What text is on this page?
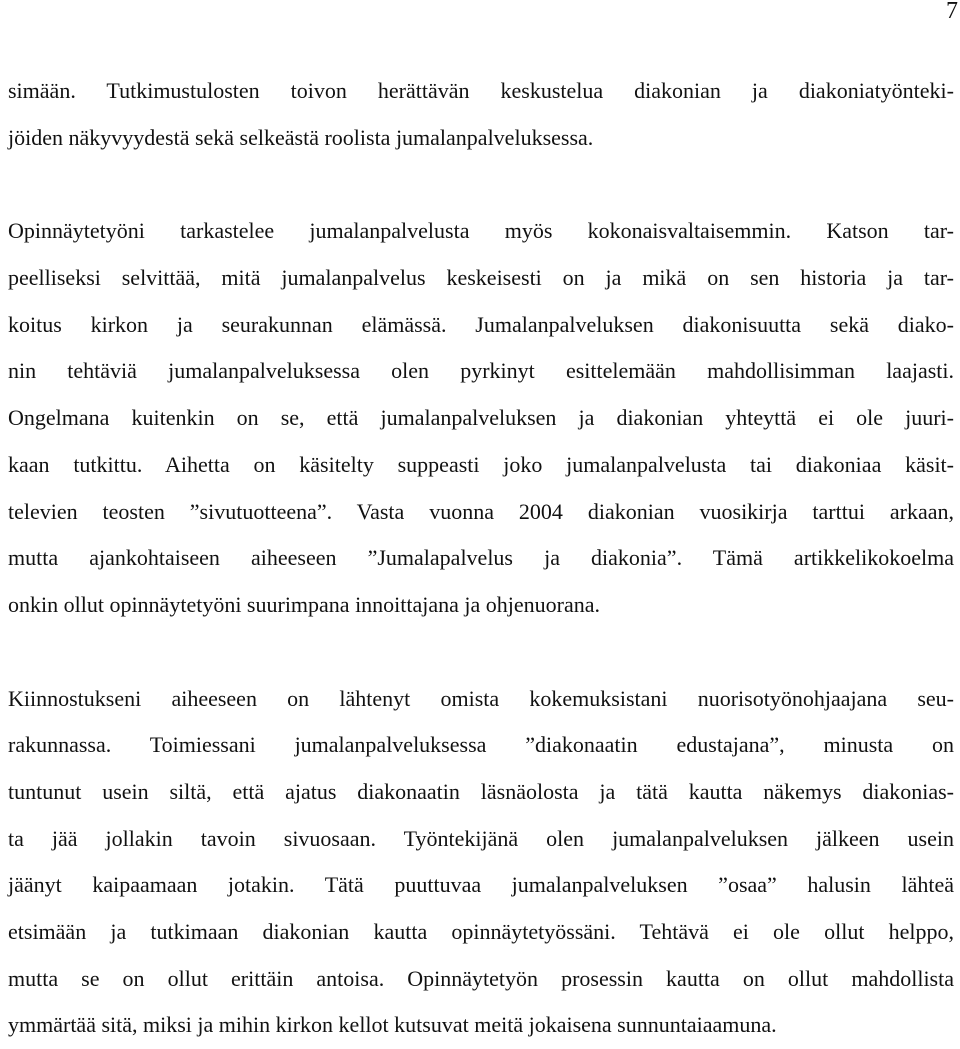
7
simään. Tutkimustulosten toivon herättävän keskustelua diakonian ja diakoniatyönteki-
jöiden näkyvyydestä sekä selkeästä roolista jumalanpalveluksessa.
Opinnäytetyöni tarkastelee jumalanpalvelusta myös kokonaisvaltaisemmin. Katson tar-
peelliseksi selvittää, mitä jumalanpalvelus keskeisesti on ja mikä on sen historia ja tar-
koitus kirkon ja seurakunnan elämässä. Jumalanpalveluksen diakonisuutta sekä diako-
nin tehtäviä jumalanpalveluksessa olen pyrkinyt esittelemään mahdollisimman laajasti.
Ongelmana kuitenkin on se, että jumalanpalveluksen ja diakonian yhteyttä ei ole juuri-
kaan tutkittu. Aihetta on käsitelty suppeasti joko jumalanpalvelusta tai diakoniaa käsit-
televien teosten ”sivutuotteena”. Vasta vuonna 2004 diakonian vuosikirja tarttui arkaan,
mutta ajankohtaiseen aiheeseen ”Jumalapalvelus ja diakonia”. Tämä artikkelikokoelma
onkin ollut opinnäytetyöni suurimpana innoittajana ja ohjenuorana.
Kiinnostukseni aiheeseen on lähtenyt omista kokemuksistani nuorisotyönohjaajana seu-
rakunnassa. Toimiessani jumalanpalveluksessa ”diakonaatin edustajana”, minusta on
tuntunut usein siltä, että ajatus diakonaatin läsnäolosta ja tätä kautta näkemys diakonias-
ta jää jollakin tavoin sivuosaan. Työntekijänä olen jumalanpalveluksen jälkeen usein
jäänyt kaipaamaan jotakin. Tätä puuttuvaa jumalanpalveluksen ”osaa” halusin lähteä
etsimään ja tutkimaan diakonian kautta opinnäytetyössäni. Tehtävä ei ole ollut helppo,
mutta se on ollut erittäin antoisa. Opinnäytetyön prosessin kautta on ollut mahdollista
ymmärtää sitä, miksi ja mihin kirkon kellot kutsuvat meitä jokaisena sunnuntaiaamuna.
